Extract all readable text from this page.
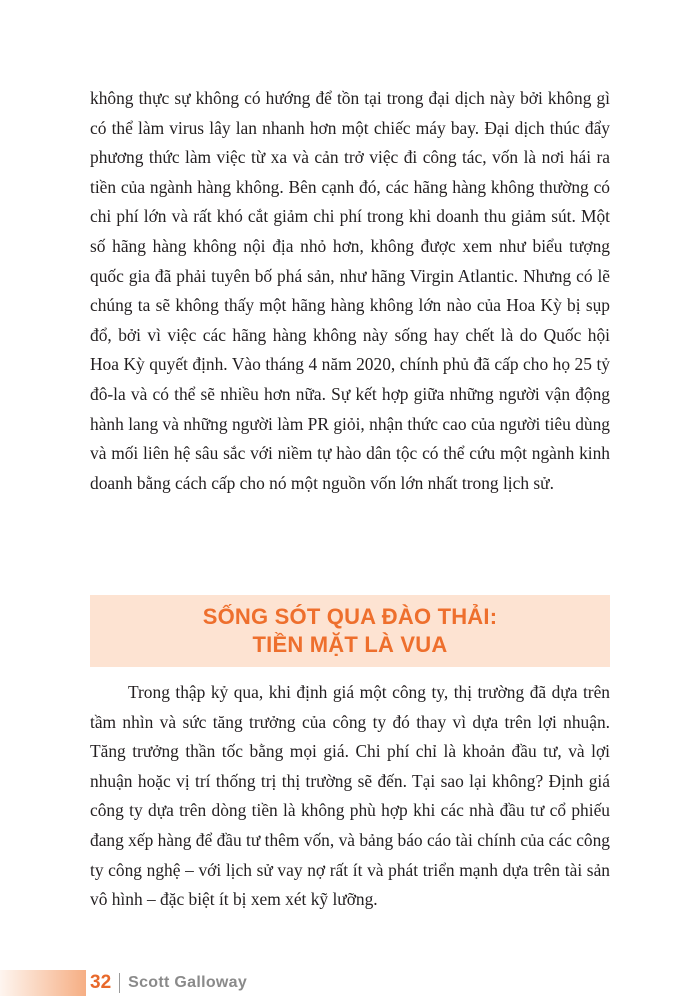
không thực sự không có hướng để tồn tại trong đại dịch này bởi không gì có thể làm virus lây lan nhanh hơn một chiếc máy bay. Đại dịch thúc đẩy phương thức làm việc từ xa và cản trở việc đi công tác, vốn là nơi hái ra tiền của ngành hàng không. Bên cạnh đó, các hãng hàng không thường có chi phí lớn và rất khó cắt giảm chi phí trong khi doanh thu giảm sút. Một số hãng hàng không nội địa nhỏ hơn, không được xem như biểu tượng quốc gia đã phải tuyên bố phá sản, như hãng Virgin Atlantic. Nhưng có lẽ chúng ta sẽ không thấy một hãng hàng không lớn nào của Hoa Kỳ bị sụp đổ, bởi vì việc các hãng hàng không này sống hay chết là do Quốc hội Hoa Kỳ quyết định. Vào tháng 4 năm 2020, chính phủ đã cấp cho họ 25 tỷ đô-la và có thể sẽ nhiều hơn nữa. Sự kết hợp giữa những người vận động hành lang và những người làm PR giỏi, nhận thức cao của người tiêu dùng và mối liên hệ sâu sắc với niềm tự hào dân tộc có thể cứu một ngành kinh doanh bằng cách cấp cho nó một nguồn vốn lớn nhất trong lịch sử.

SỐNG SÓT QUA ĐÀO THẢI:
TIỀN MẶT LÀ VUA

Trong thập kỷ qua, khi định giá một công ty, thị trường đã dựa trên tầm nhìn và sức tăng trưởng của công ty đó thay vì dựa trên lợi nhuận. Tăng trưởng thần tốc bằng mọi giá. Chi phí chỉ là khoản đầu tư, và lợi nhuận hoặc vị trí thống trị thị trường sẽ đến. Tại sao lại không? Định giá công ty dựa trên dòng tiền là không phù hợp khi các nhà đầu tư cổ phiếu đang xếp hàng để đầu tư thêm vốn, và bảng báo cáo tài chính của các công ty công nghệ – với lịch sử vay nợ rất ít và phát triển mạnh dựa trên tài sản vô hình – đặc biệt ít bị xem xét kỹ lưỡng.

32 Scott Galloway
